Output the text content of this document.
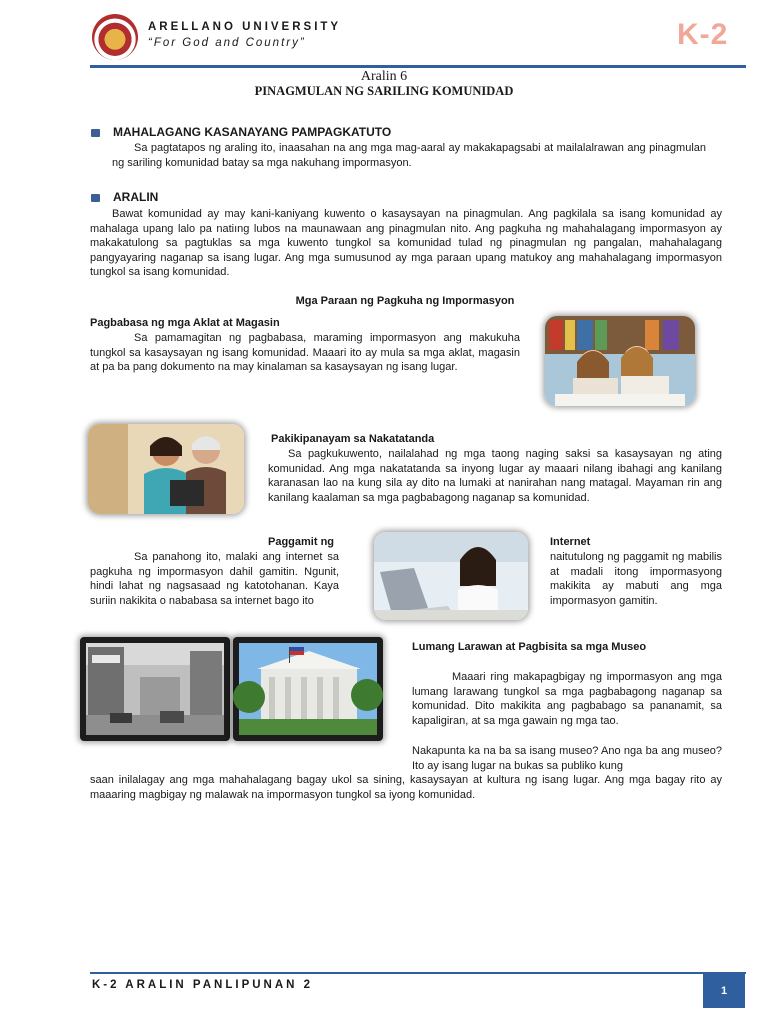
ARELLANO UNIVERSITY
“For God and Country”	K-2
Aralin 6
PINAGMULAN NG SARILING KOMUNIDAD
MAHALAGANG KASANAYANG PAMPAGKATUTO

Sa pagtatapos ng araling ito, inaasahan na ang mga mag-aaral ay makakapagsabi at mailalalrawan ang pinagmulan ng sariling komunidad batay sa mga nakuhang impormasyon.

ARALIN

Bawat komunidad ay may kani-kaniyang kuwento o kasaysayan na pinagmulan. Ang pagkilala sa isang komunidad ay mahalaga upang lalo pa natiıng lubos na maunawaan ang pinagmulan nito. Ang pagkuha ng mahahalagang impormasyon ay makakatulong sa pagtuklas sa mga kuwento tungkol sa komunidad tulad ng pinagmulan ng pangalan, mahahalagang pangyayaring naganap sa isang lugar. Ang mga sumusunod ay mga paraan upang matukoy ang mahahalagang impormasyon tungkol sa isang komunidad.

Mga Paraan ng Pagkuha ng Impormasyon
Pagbabasa ng mga Aklat at Magasin

Sa pamamagitan ng pagbabasa, maraming impormasyon ang makukuha tungkol sa kasaysayan ng isang komunidad. Maaari ito ay mula sa mga aklat, magasin at pa ba pang dokumento na may kinalaman sa kasaysayan ng isang lugar.

Pakikipanayam sa Nakatatanda

Sa pagkukuwento, nailalahad ng mga taong naging saksi sa kasaysayan ng ating komunidad. Ang mga nakatatanda sa inyong lugar ay maaari nilang ibahagi ang kanilang karanasan lao na kung sila ay dito na lumaki at nanirahan nang matagal. Mayaman rin ang kanilang kaalaman sa mga pagbabagong naganap sa komunidad.

Paggamit ng

Sa panahong ito, malaki ang internet sa pagkuha ng impormasyon dahil gamitin. Ngunit, hindi lahat ng nagsasaad ng katotohanan. Kaya suriin nakikita o nababasa sa internet bago ito

Internet

naitutulong ng paggamit ng mabilis at madali itong impormasyong makikita ay mabuti ang mga impormasyon gamitin.

Lumang Larawan at Pagbisita sa mga Museo

Maaari ring makapagbigay ng impormasyon ang mga lumang larawang tungkol sa mga pagbabagong naganap sa komunidad. Dito makikita ang pagbabago sa pananamit, sa kapaligiran, at sa mga gawain ng mga tao.

Nakapunta ka na ba sa isang museo? Ano nga ba ang museo? Ito ay isang lugar na bukas sa publiko kung

saan inilalagay ang mga mahahalagang bagay ukol sa sining, kasaysayan at kultura ng isang lugar. Ang mga bagay rito ay maaaring magbigay ng malawak na impormasyon tungkol sa iyong komunidad.

K-2 ARALIN PANLIPUNAN 2	1
